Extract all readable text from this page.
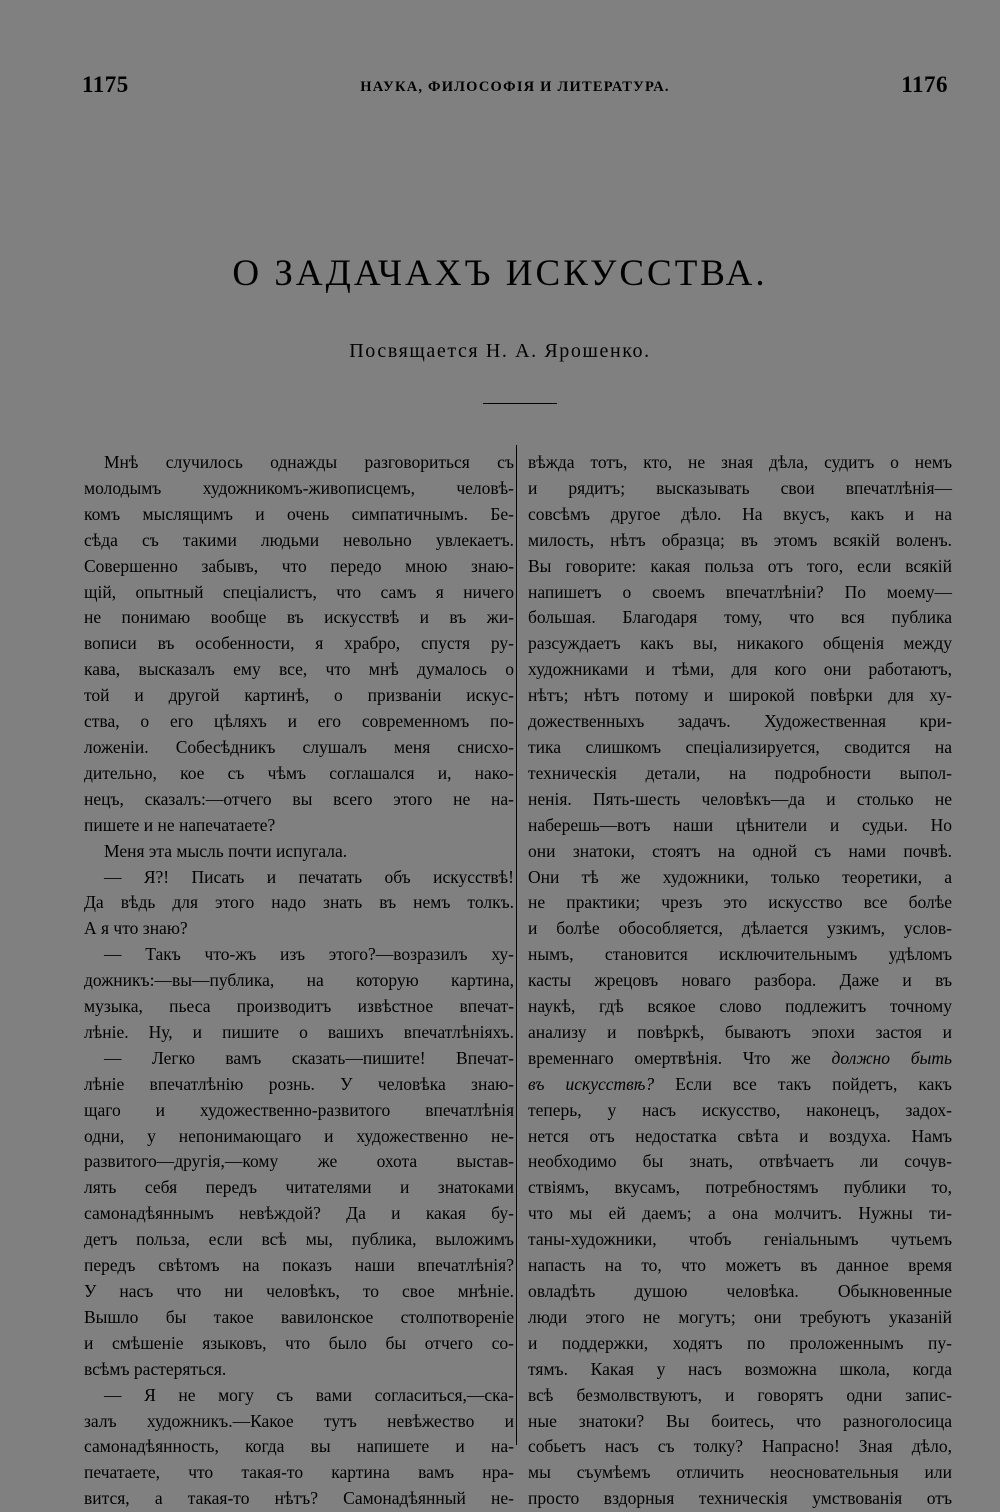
1175	НАУКА, ФИЛОСОФІЯ И ЛИТЕРАТУРА.	1176
О ЗАДАЧАХЪ ИСКУССТВА.
Посвящается Н. А. Ярошенко.

Мнѣ случилось однажды разговориться съ

молодымъ художникомъ-живописцемъ, человѣ-
комъ мыслящимъ и очень симпатичнымъ. Бе-
сѣда съ такими людьми невольно увлекаетъ.
Совершенно забывъ, что передо мною знаю-
щій, опытный спеціалистъ, что самъ я ничего
не понимаю вообще въ искусствѣ и въ жи-
вописи въ особенности, я храбро, спустя ру-
кава, высказалъ ему все, что мнѣ думалось о
той и другой картинѣ, о призваніи искус-
ства, о его цѣляхъ и его современномъ по-
ложеніи. Собесѣдникъ слушалъ меня снисхо-
дительно, кое съ чѣмъ соглашался и, нако-
нецъ, сказалъ:—отчего вы всего этого не на-
пишете и не напечатаете?

Меня эта мысль почти испугала.

— Я?! Писать и печатать объ искусствѣ!

Да вѣдь для этого надо знать въ немъ толкъ.
А я что знаю?

— Такъ что-жъ изъ этого?—возразилъ ху-

дожникъ:—вы—публика, на которую картина,
музыка, пьеса производитъ извѣстное впечат-
лѣніе. Ну, и пишите о вашихъ впечатлѣніяхъ.

— Легко вамъ сказать—пишите! Впечат-

лѣніе впечатлѣнію рознь. У человѣка знаю-
щаго и художественно-развитого впечатлѣнія
одни, у непонимающаго и художественно не-
развитого—другія,—кому же охота выстав-
лять себя передъ читателями и знатоками
самонадѣяннымъ невѣждой? Да и какая бу-
детъ польза, если всѣ мы, публика, выложимъ
передъ свѣтомъ на показъ наши впечатлѣнія?
У насъ что ни человѣкъ, то свое мнѣніе.
Вышло бы такое вавилонское столпотвореніе
и смѣшеніе языковъ, что было бы отчего со-
всѣмъ растеряться.

— Я не могу съ вами согласиться,—ска-

залъ художникъ.—Какое тутъ невѣжество и
самонадѣянность, когда вы напишете и на-
печатаете, что такая-то картина вамъ нра-
вится, а такая-то нѣтъ? Самонадѣянный не-

вѣжда тотъ, кто, не зная дѣла, судитъ о немъ
и рядитъ; высказывать свои впечатлѣнія—
совсѣмъ другое дѣло. На вкусъ, какъ и на
милость, нѣтъ образца; въ этомъ всякій воленъ.
Вы говорите: какая польза отъ того, если всякій
напишетъ о своемъ впечатлѣніи? По моему—
большая. Благодаря тому, что вся публика
разсуждаетъ какъ вы, никакого общенія между
художниками и тѣми, для кого они работаютъ,
нѣтъ; нѣтъ потому и широкой повѣрки для ху-
дожественныхъ задачъ. Художественная кри-
тика слишкомъ спеціализируется, сводится на
техническія детали, на подробности выпол-
ненія. Пять-шесть человѣкъ—да и столько не
наберешь—вотъ наши цѣнители и судьи. Но
они знатоки, стоятъ на одной съ нами почвѣ.
Они тѣ же художники, только теоретики, а
не практики; чрезъ это искусство все болѣе
и болѣе обособляется, дѣлается узкимъ, услов-
нымъ, становится исключительнымъ удѣломъ
касты жрецовъ новаго разбора. Даже и въ
наукѣ, гдѣ всякое слово подлежитъ точному
анализу и повѣркѣ, бываютъ эпохи застоя и
временнаго омертвѣнія. Что же должно быть
въ искусствѣ? Если все такъ пойдетъ, какъ
теперь, у насъ искусство, наконецъ, задох-
нется отъ недостатка свѣта и воздуха. Намъ
необходимо бы знать, отвѣчаетъ ли сочув-
ствіямъ, вкусамъ, потребностямъ публики то,
что мы ей даемъ; а она молчитъ. Нужны ти-
таны-художники, чтобъ геніальнымъ чутьемъ
напасть на то, что можетъ въ данное время
овладѣть душою человѣка. Обыкновенные
люди этого не могутъ; они требуютъ указаній
и поддержки, ходятъ по проложеннымъ пу-
тямъ. Какая у насъ возможна школа, когда
всѣ безмолвствуютъ, и говорятъ одни запис-
ные знатоки? Вы боитесь, что разноголосица
собьетъ насъ съ толку? Напрасно! Зная дѣло,
мы съумѣемъ отличить неосновательныя или
просто вздорныя техническія умствованія отъ
